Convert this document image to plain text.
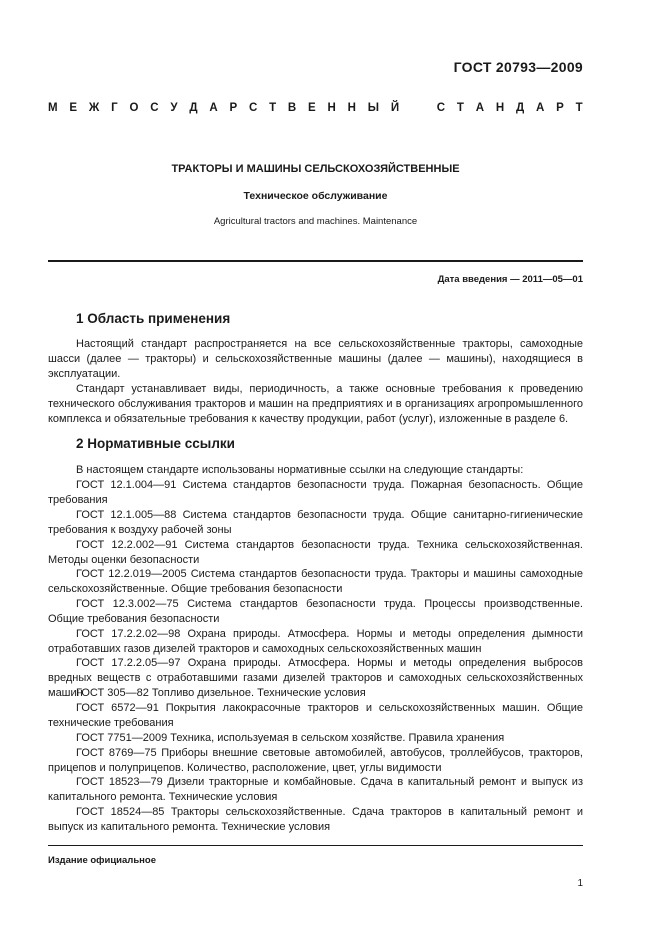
ГОСТ 20793—2009
М Е Ж Г О С У Д А Р С Т В Е Н Н Ы Й	С Т А Н Д А Р Т
ТРАКТОРЫ И МАШИНЫ СЕЛЬСКОХОЗЯЙСТВЕННЫЕ
Техническое обслуживание
Agricultural tractors and machines. Maintenance
Дата введения — 2011—05—01
1 Область применения
Настоящий стандарт распространяется на все сельскохозяйственные тракторы, самоходные шасси (далее — тракторы) и сельскохозяйственные машины (далее — машины), находящиеся в эксплуатации.
Стандарт устанавливает виды, периодичность, а также основные требования к проведению технического обслуживания тракторов и машин на предприятиях и в организациях агропромышленного комплекса и обязательные требования к качеству продукции, работ (услуг), изложенные в разделе 6.
2 Нормативные ссылки
В настоящем стандарте использованы нормативные ссылки на следующие стандарты:
ГОСТ 12.1.004—91 Система стандартов безопасности труда. Пожарная безопасность. Общие требования
ГОСТ 12.1.005—88 Система стандартов безопасности труда. Общие санитарно-гигиенические требования к воздуху рабочей зоны
ГОСТ 12.2.002—91 Система стандартов безопасности труда. Техника сельскохозяйственная. Методы оценки безопасности
ГОСТ 12.2.019—2005 Система стандартов безопасности труда. Тракторы и машины самоходные сельскохозяйственные. Общие требования безопасности
ГОСТ 12.3.002—75 Система стандартов безопасности труда. Процессы производственные. Общие требования безопасности
ГОСТ 17.2.2.02—98 Охрана природы. Атмосфера. Нормы и методы определения дымности отработавших газов дизелей тракторов и самоходных сельскохозяйственных машин
ГОСТ 17.2.2.05—97 Охрана природы. Атмосфера. Нормы и методы определения выбросов вредных веществ с отработавшими газами дизелей тракторов и самоходных сельскохозяйственных машин
ГОСТ 305—82 Топливо дизельное. Технические условия
ГОСТ 6572—91 Покрытия лакокрасочные тракторов и сельскохозяйственных машин. Общие технические требования
ГОСТ 7751—2009 Техника, используемая в сельском хозяйстве. Правила хранения
ГОСТ 8769—75 Приборы внешние световые автомобилей, автобусов, троллейбусов, тракторов, прицепов и полуприцепов. Количество, расположение, цвет, углы видимости
ГОСТ 18523—79 Дизели тракторные и комбайновые. Сдача в капитальный ремонт и выпуск из капитального ремонта. Технические условия
ГОСТ 18524—85 Тракторы сельскохозяйственные. Сдача тракторов в капитальный ремонт и выпуск из капитального ремонта. Технические условия
Издание официальное
1
